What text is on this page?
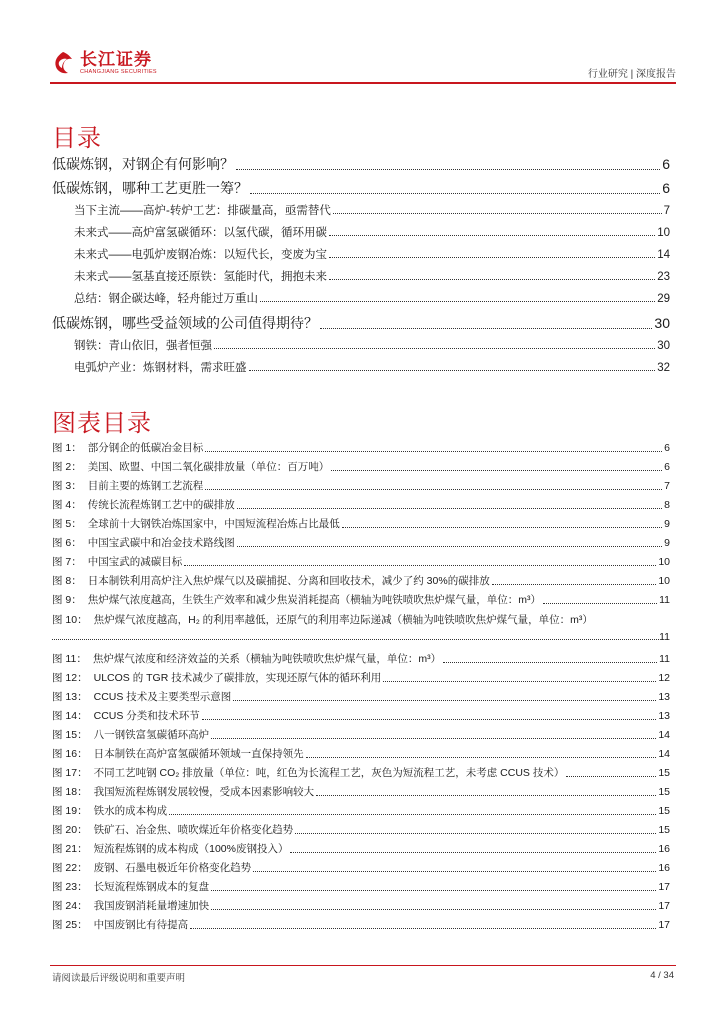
长江证券
CHANGJIANG SECURITIES	行业研究 | 深度报告
目录
低碳炼钢，对钢企有何影响？	6
低碳炼钢，哪种工艺更胜一筹？	6
当下主流——高炉-转炉工艺：排碳量高，亟需替代	7
未来式——高炉富氢碳循环：以氢代碳，循环用碳	10
未来式——电弧炉废钢冶炼：以短代长，变废为宝	14
未来式——氢基直接还原铁：氢能时代，拥抱未来	23
总结：钢企碳达峰，轻舟能过万重山	29
低碳炼钢，哪些受益领域的公司值得期待？	30
钢铁：青山依旧，强者恒强	30
电弧炉产业：炼钢材料，需求旺盛	32
图表目录
图 1： 部分钢企的低碳冶金目标	6
图 2： 美国、欧盟、中国二氧化碳排放量（单位：百万吨）	6
图 3： 目前主要的炼钢工艺流程	7
图 4： 传统长流程炼钢工艺中的碳排放	8
图 5： 全球前十大钢铁冶炼国家中，中国短流程冶炼占比最低	9
图 6： 中国宝武碳中和冶金技术路线图	9
图 7： 中国宝武的减碳目标	10
图 8： 日本制铁利用高炉注入焦炉煤气以及碳捕捉、分离和回收技术，减少了约 30%的碳排放	10
图 9： 焦炉煤气浓度越高，生铁生产效率和减少焦炭消耗提高（横轴为吨铁喷吹焦炉煤气量，单位：m³）	11
图 10： 焦炉煤气浓度越高，H₂ 的利用率越低，还原气的利用率边际递减（横轴为吨铁喷吹焦炉煤气量，单位：m³）
11
图 11： 焦炉煤气浓度和经济效益的关系（横轴为吨铁喷吹焦炉煤气量，单位：m³）	11
图 12： ULCOS 的 TGR 技术减少了碳排放，实现还原气体的循环利用	12
图 13： CCUS 技术及主要类型示意图	13
图 14： CCUS 分类和技术环节	13
图 15： 八一钢铁富氢碳循环高炉	14
图 16： 日本制铁在高炉富氢碳循环领域一直保持领先	14
图 17： 不同工艺吨钢 CO₂ 排放量（单位：吨，红色为长流程工艺，灰色为短流程工艺，未考虑 CCUS 技术）	15
图 18： 我国短流程炼钢发展较慢，受成本因素影响较大	15
图 19： 铁水的成本构成	15
图 20： 铁矿石、冶金焦、喷吹煤近年价格变化趋势	15
图 21： 短流程炼钢的成本构成（100%废钢投入）	16
图 22： 废钢、石墨电极近年价格变化趋势	16
图 23： 长短流程炼钢成本的复盘	17
图 24： 我国废钢消耗量增速加快	17
图 25： 中国废钢比有待提高	17
请阅读最后评级说明和重要声明	4 / 34
